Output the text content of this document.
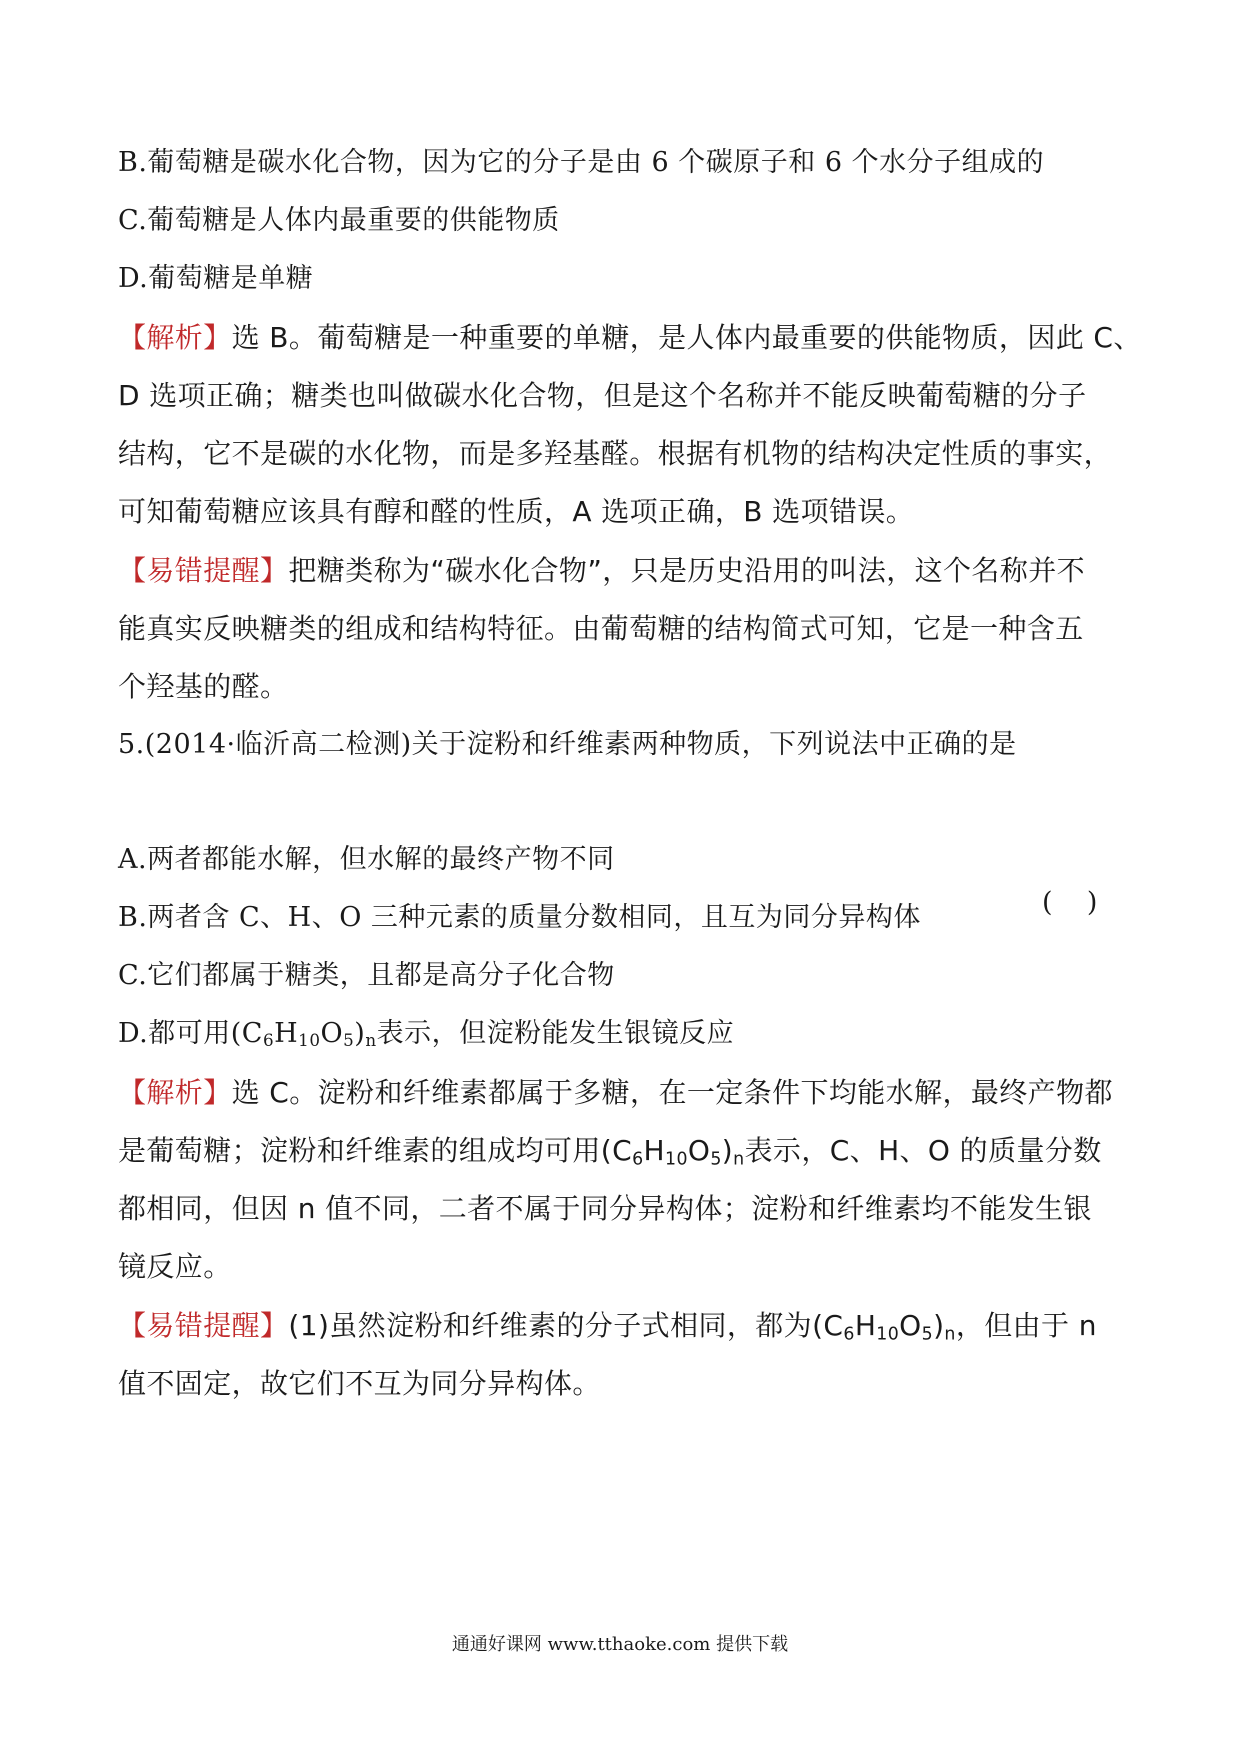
B.葡萄糖是碳水化合物，因为它的分子是由 6 个碳原子和 6 个水分子组成的
C.葡萄糖是人体内最重要的供能物质
D.葡萄糖是单糖
【解析】选 B。葡萄糖是一种重要的单糖，是人体内最重要的供能物质，因此 C、
D 选项正确；糖类也叫做碳水化合物，但是这个名称并不能反映葡萄糖的分子
结构，它不是碳的水化物，而是多羟基醛。根据有机物的结构决定性质的事实，
可知葡萄糖应该具有醇和醛的性质，A 选项正确，B 选项错误。
【易错提醒】把糖类称为“碳水化合物”，只是历史沿用的叫法，这个名称并不
能真实反映糖类的组成和结构特征。由葡萄糖的结构简式可知，它是一种含五
个羟基的醛。
5.(2014·临沂高二检测)关于淀粉和纤维素两种物质，下列说法中正确的是
(    )
A.两者都能水解，但水解的最终产物不同
B.两者含 C、H、O 三种元素的质量分数相同，且互为同分异构体
C.它们都属于糖类，且都是高分子化合物
D.都可用$(C_6H_{10}O_5)_n$表示，但淀粉能发生银镜反应
【解析】选 C。淀粉和纤维素都属于多糖，在一定条件下均能水解，最终产物都
是葡萄糖；淀粉和纤维素的组成均可用$(C_6H_{10}O_5)_n$表示，C、H、O 的质量分数
都相同，但因 n 值不同，二者不属于同分异构体；淀粉和纤维素均不能发生银
镜反应。
【易错提醒】(1)虽然淀粉和纤维素的分子式相同，都为$(C_6H_{10}O_5)_n$，但由于 n
值不固定，故它们不互为同分异构体。
通通好课网 www.tthaoke.com 提供下载
